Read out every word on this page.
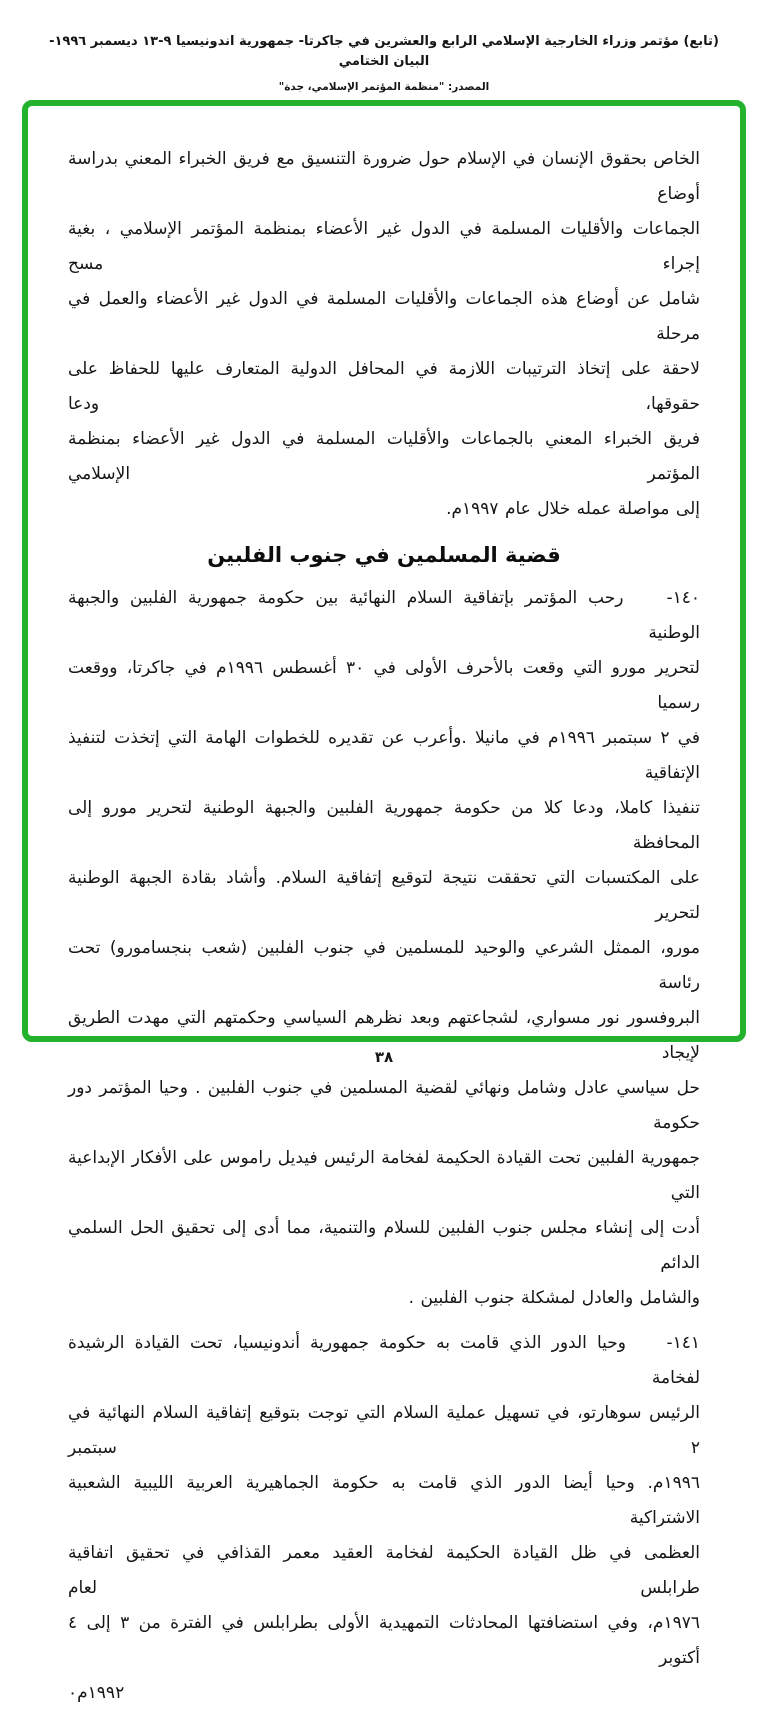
(تابع) مؤتمر وزراء الخارجية الإسلامي الرابع والعشرين في جاكرتا- جمهورية اندونيسيا ٩-١٣ ديسمبر ١٩٩٦-البيان الختامي
المصدر: "منظمة المؤتمر الإسلامي، جدة"
الخاص بحقوق الإنسان في الإسلام حول ضرورة التنسيق مع فريق الخبراء المعني بدراسة أوضاع
الجماعات والأقليات المسلمة في الدول غير الأعضاء بمنظمة المؤتمر الإسلامي ، بغية إجراء مسح
شامل عن أوضاع هذه الجماعات والأقليات المسلمة في الدول غير الأعضاء والعمل في مرحلة
لاحقة على إتخاذ الترتيبات اللازمة في المحافل الدولية المتعارف عليها للحفاظ على حقوقها، ودعا
فريق الخبراء المعني بالجماعات والأقليات المسلمة في الدول غير الأعضاء بمنظمة المؤتمر الإسلامي
إلى مواصلة عمله خلال عام ١٩٩٧م.
قضية المسلمين في جنوب الفلبين
١٤٠-    رحب المؤتمر بإتفاقية السلام النهائية بين حكومة جمهورية الفلبين والجبهة الوطنية
لتحرير مورو التي وقعت بالأحرف الأولى في ٣٠ أغسطس ١٩٩٦م في جاكرتا، ووقعت رسميا
في ٢ سبتمبر ١٩٩٦م في مانيلا .وأعرب عن تقديره للخطوات الهامة التي إتخذت لتنفيذ الإتفاقية
تنفيذا كاملا، ودعا كلا من حكومة جمهورية الفلبين والجبهة الوطنية لتحرير مورو إلى المحافظة
على المكتسبات التي تحققت نتيجة لتوقيع إتفاقية السلام. وأشاد بقادة الجبهة الوطنية لتحرير
مورو، الممثل الشرعي والوحيد للمسلمين في جنوب الفلبين (شعب بنجسامورو) تحت رئاسة
البروفسور نور مسواري، لشجاعتهم وبعد نظرهم السياسي وحكمتهم التي مهدت الطريق لإيجاد
حل سياسي عادل وشامل ونهائي لقضية المسلمين في جنوب الفلبين . وحيا المؤتمر دور حكومة
جمهورية الفلبين تحت القيادة الحكيمة لفخامة الرئيس فيديل راموس على الأفكار الإبداعية التي
أدت إلى إنشاء مجلس جنوب الفلبين للسلام والتنمية، مما أدى إلى تحقيق الحل السلمي الدائم
والشامل والعادل لمشكلة جنوب الفلبين .
١٤١-    وحيا الدور الذي قامت به حكومة جمهورية أندونيسيا، تحت القيادة الرشيدة لفخامة
الرئيس سوهارتو، في تسهيل عملية السلام التي توجت بتوقيع إتفاقية السلام النهائية في ٢ سبتمبر
١٩٩٦م. وحيا أيضا الدور الذي قامت به حكومة الجماهيرية العربية الليبية الشعبية الاشتراكية
العظمى في ظل القيادة الحكيمة لفخامة العقيد معمر القذافي في تحقيق اتفاقية طرابلس لعام
١٩٧٦م، وفي استضافتها المحادثات التمهيدية الأولى بطرابلس في الفترة من ٣ إلى ٤ أكتوبر
١٩٩٢م٠
٣٨
